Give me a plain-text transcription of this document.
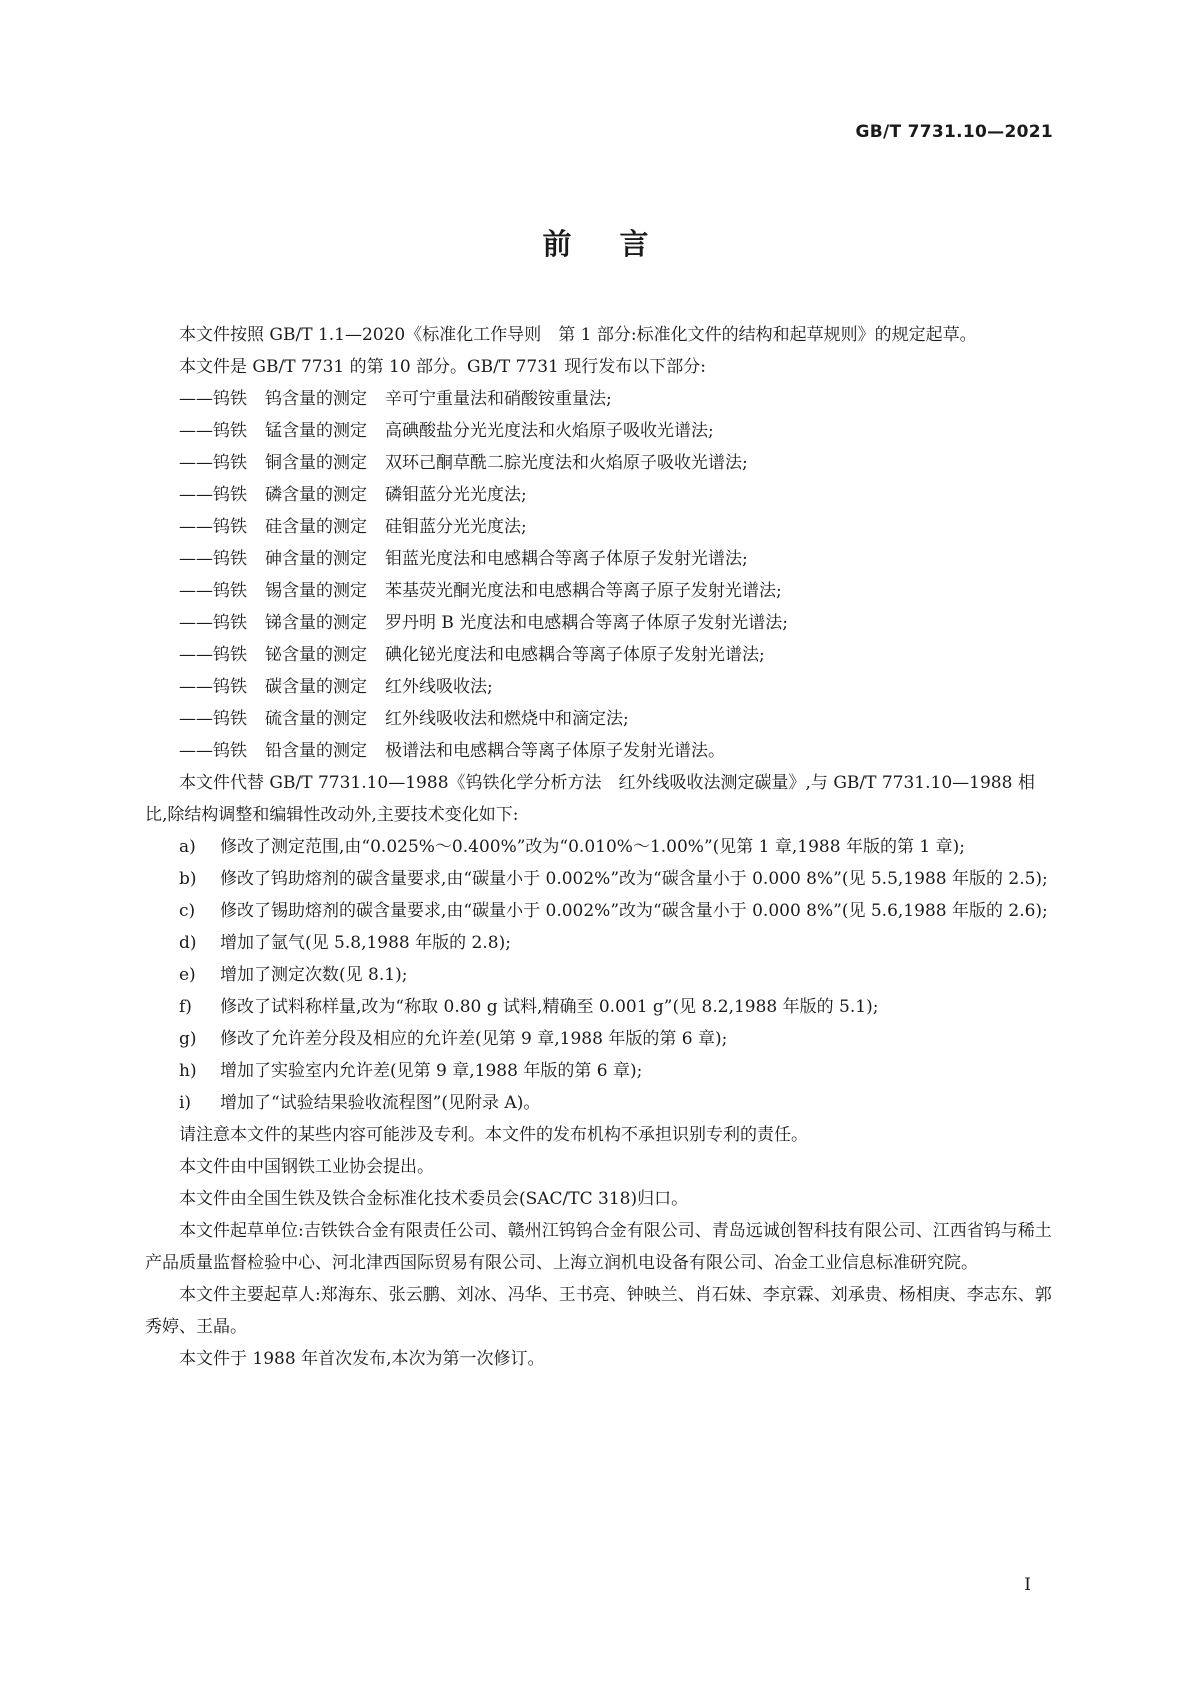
GB/T 7731.10—2021
前言

本文件按照 GB/T 1.1—2020《标准化工作导则　第 1 部分:标准化文件的结构和起草规则》的规定起草。

本文件是 GB/T 7731 的第 10 部分。GB/T 7731 现行发布以下部分:

——钨铁 钨含量的测定 辛可宁重量法和硝酸铵重量法;

——钨铁 锰含量的测定 高碘酸盐分光光度法和火焰原子吸收光谱法;

——钨铁 铜含量的测定 双环己酮草酰二腙光度法和火焰原子吸收光谱法;

——钨铁 磷含量的测定 磷钼蓝分光光度法;

——钨铁 硅含量的测定 硅钼蓝分光光度法;

——钨铁 砷含量的测定 钼蓝光度法和电感耦合等离子体原子发射光谱法;

——钨铁 锡含量的测定 苯基荧光酮光度法和电感耦合等离子原子发射光谱法;

——钨铁 锑含量的测定 罗丹明 B 光度法和电感耦合等离子体原子发射光谱法;

——钨铁 铋含量的测定 碘化铋光度法和电感耦合等离子体原子发射光谱法;

——钨铁 碳含量的测定 红外线吸收法;

——钨铁 硫含量的测定 红外线吸收法和燃烧中和滴定法;

——钨铁 铅含量的测定 极谱法和电感耦合等离子体原子发射光谱法。

本文件代替 GB/T 7731.10—1988《钨铁化学分析方法　红外线吸收法测定碳量》,与 GB/T 7731.10—1988 相比,除结构调整和编辑性改动外,主要技术变化如下:

a)	修改了测定范围,由“0.025%～0.400%”改为“0.010%～1.00%”(见第 1 章,1988 年版的第 1 章);
b)	修改了钨助熔剂的碳含量要求,由“碳量小于 0.002%”改为“碳含量小于 0.000 8%”(见 5.5,1988 年版的 2.5);
c)	修改了锡助熔剂的碳含量要求,由“碳量小于 0.002%”改为“碳含量小于 0.000 8%”(见 5.6,1988 年版的 2.6);
d)	增加了氩气(见 5.8,1988 年版的 2.8);
e)	增加了测定次数(见 8.1);
f)	修改了试料称样量,改为“称取 0.80 g 试料,精确至 0.001 g”(见 8.2,1988 年版的 5.1);
g)	修改了允许差分段及相应的允许差(见第 9 章,1988 年版的第 6 章);
h)	增加了实验室内允许差(见第 9 章,1988 年版的第 6 章);
i)	增加了“试验结果验收流程图”(见附录 A)。

请注意本文件的某些内容可能涉及专利。本文件的发布机构不承担识别专利的责任。

本文件由中国钢铁工业协会提出。

本文件由全国生铁及铁合金标准化技术委员会(SAC/TC 318)归口。

本文件起草单位:吉铁铁合金有限责任公司、赣州江钨钨合金有限公司、青岛远诚创智科技有限公司、江西省钨与稀土产品质量监督检验中心、河北津西国际贸易有限公司、上海立润机电设备有限公司、冶金工业信息标准研究院。

本文件主要起草人:郑海东、张云鹏、刘冰、冯华、王书亮、钟映兰、肖石妹、李京霖、刘承贵、杨相庚、李志东、郭秀婷、王晶。

本文件于 1988 年首次发布,本次为第一次修订。

I
